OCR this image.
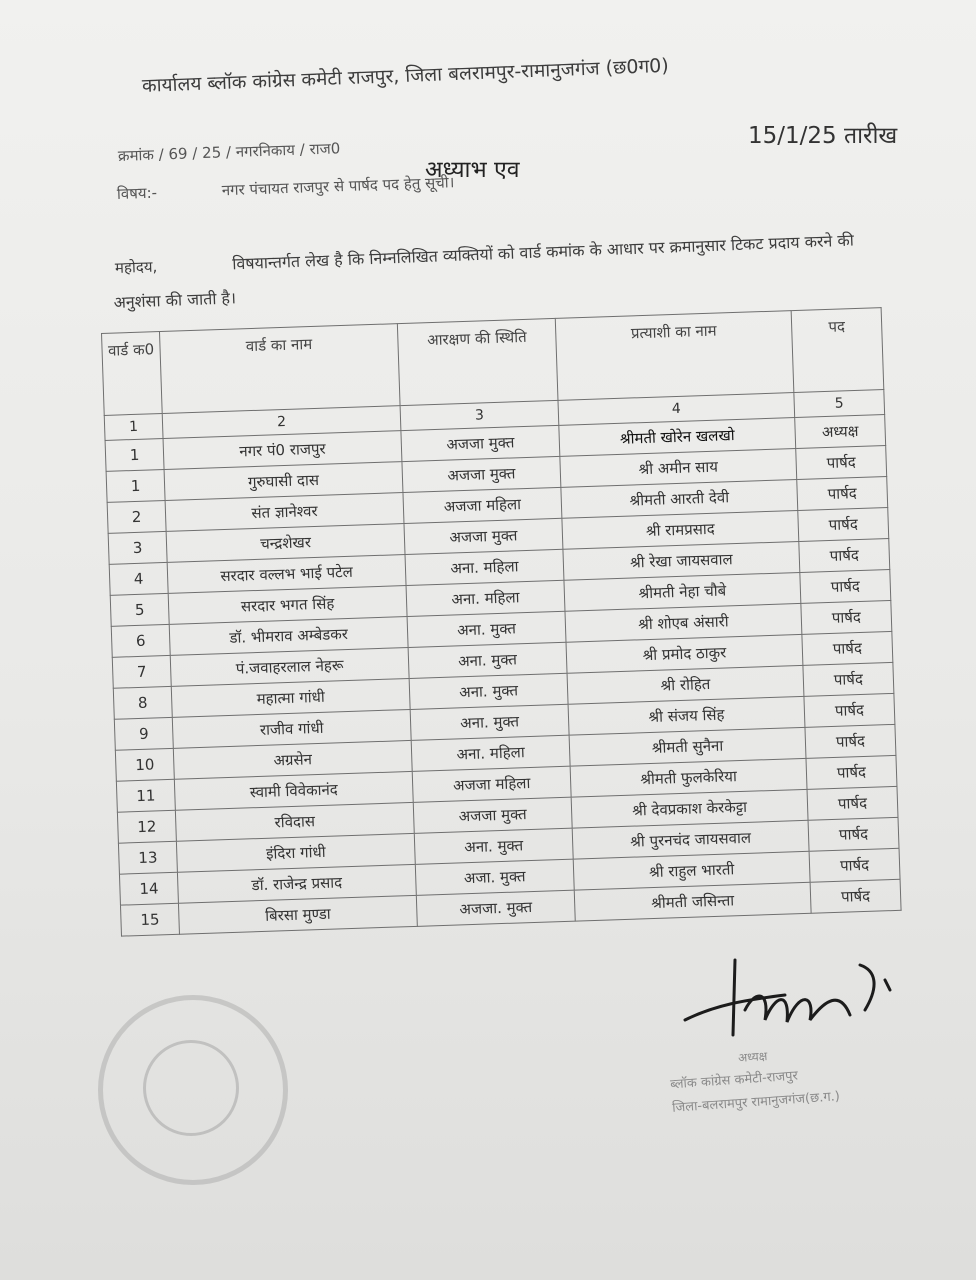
कार्यालय ब्लॉक कांग्रेस कमेटी राजपुर, जिला बलरामपुर-रामानुजगंज (छ0ग0)
15/1/25 तारीख
क्रमांक / 69 / 25 / नगरनिकाय / राज0
अध्याभ एव
विषय:-	नगर पंचायत राजपुर से पार्षद पद हेतु सूची।
महोदय,	विषयान्तर्गत लेख है कि निम्नलिखित व्यक्तियों को वार्ड कमांक के आधार पर क्रमानुसार टिकट प्रदाय करने की अनुशंसा की जाती है।
वार्ड क0	वार्ड का नाम	आरक्षण की स्थिति	प्रत्याशी का नाम	पद
1	2	3	4	5
1	नगर पं0 राजपुर	अजजा मुक्त	श्रीमती खोरेन खलखो	अध्यक्ष
1	गुरुघासी दास	अजजा मुक्त	श्री अमीन साय	पार्षद
2	संत ज्ञानेश्वर	अजजा महिला	श्रीमती आरती देवी	पार्षद
3	चन्द्रशेखर	अजजा मुक्त	श्री रामप्रसाद	पार्षद
4	सरदार वल्लभ भाई पटेल	अना. महिला	श्री रेखा जायसवाल	पार्षद
5	सरदार भगत सिंह	अना. महिला	श्रीमती नेहा चौबे	पार्षद
6	डॉ. भीमराव अम्बेडकर	अना. मुक्त	श्री शोएब अंसारी	पार्षद
7	पं.जवाहरलाल नेहरू	अना. मुक्त	श्री प्रमोद ठाकुर	पार्षद
8	महात्मा गांधी	अना. मुक्त	श्री रोहित	पार्षद
9	राजीव गांधी	अना. मुक्त	श्री संजय सिंह	पार्षद
10	अग्रसेन	अना. महिला	श्रीमती सुनैना	पार्षद
11	स्वामी विवेकानंद	अजजा महिला	श्रीमती फुलकेरिया	पार्षद
12	रविदास	अजजा मुक्त	श्री देवप्रकाश केरकेट्टा	पार्षद
13	इंदिरा गांधी	अना. मुक्त	श्री पुरनचंद जायसवाल	पार्षद
14	डॉ. राजेन्द्र प्रसाद	अजा. मुक्त	श्री राहुल भारती	पार्षद
15	बिरसा मुण्डा	अजजा. मुक्त	श्रीमती जसिन्ता	पार्षद
अध्यक्ष
ब्लॉक कांग्रेस कमेटी-राजपुर
जिला-बलरामपुर रामानुजगंज(छ.ग.)
